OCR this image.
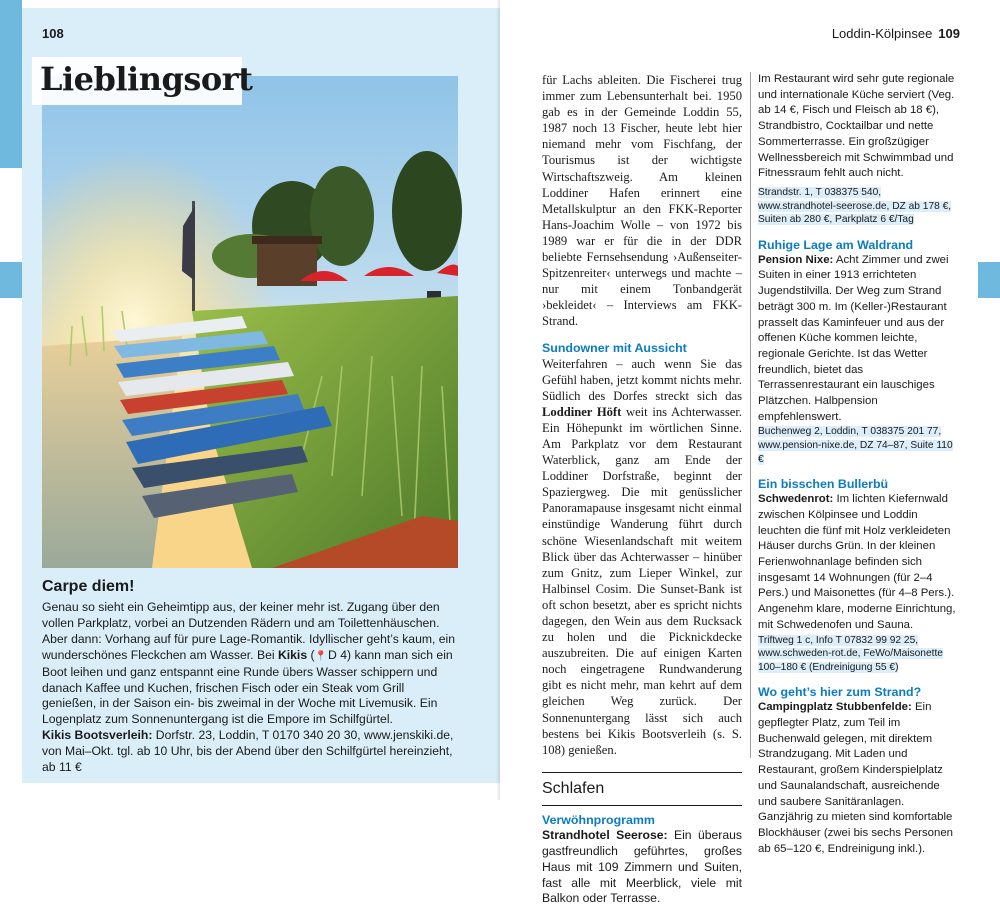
108
Lieblingsort
Carpe diem!

Genau so sieht ein Geheimtipp aus, der keiner mehr ist. Zugang über den vollen Parkplatz, vorbei an Dutzenden Rädern und am Toilettenhäuschen. Aber dann: Vorhang auf für pure Lage-Romantik. Idyllischer geht’s kaum, ein wunderschönes Fleckchen am Wasser. Bei Kikis (📍 D 4) kann man sich ein Boot leihen und ganz entspannt eine Runde übers Wasser schippern und danach Kaffee und Kuchen, frischen Fisch oder ein Steak vom Grill genießen, in der Saison ein- bis zweimal in der Woche mit Livemusik. Ein Logenplatz zum Sonnenuntergang ist die Empore im Schilfgürtel.

Kikis Bootsverleih: Dorfstr. 23, Loddin, T 0170 340 20 30, www.jenskiki.de, von Mai–Okt. tgl. ab 10 Uhr, bis der Abend über den Schilfgürtel hereinzieht, ab 11 €

Loddin-Kölpinsee 109

für Lachs ableiten. Die Fischerei trug immer zum Lebensunterhalt bei. 1950 gab es in der Gemeinde Loddin 55, 1987 noch 13 Fischer, heute lebt hier niemand mehr vom Fischfang, der Tourismus ist der wichtigste Wirtschaftszweig. Am kleinen Loddiner Hafen erinnert eine Metallskulptur an den FKK-Reporter Hans-Joachim Wolle – von 1972 bis 1989 war er für die in der DDR beliebte Fernsehsendung ›Außenseiter-Spitzenreiter‹ unterwegs und machte – nur mit einem Tonbandgerät ›bekleidet‹ – Interviews am FKK-Strand.

Sundowner mit Aussicht

Weiterfahren – auch wenn Sie das Gefühl haben, jetzt kommt nichts mehr. Südlich des Dorfes streckt sich das Loddiner Höft weit ins Achterwasser. Ein Höhepunkt im wörtlichen Sinne. Am Parkplatz vor dem Restaurant Waterblick, ganz am Ende der Loddiner Dorfstraße, beginnt der Spaziergweg. Die mit genüsslicher Panoramapause insgesamt nicht einmal einstündige Wanderung führt durch schöne Wiesenlandschaft mit weitem Blick über das Achterwasser – hinüber zum Gnitz, zum Lieper Winkel, zur Halbinsel Cosim. Die Sunset-Bank ist oft schon besetzt, aber es spricht nichts dagegen, den Wein aus dem Rucksack zu holen und die Picknickdecke auszubreiten. Die auf einigen Karten noch eingetragene Rundwanderung gibt es nicht mehr, man kehrt auf dem gleichen Weg zurück. Der Sonnenuntergang lässt sich auch bestens bei Kikis Bootsverleih (s. S. 108) genießen.

Schlafen
Verwöhnprogramm

Strandhotel Seerose: Ein überaus gastfreundlich geführtes, großes Haus mit 109 Zimmern und Suiten, fast alle mit Meerblick, viele mit Balkon oder Terrasse.

Im Restaurant wird sehr gute regionale und internationale Küche serviert (Veg. ab 14 €, Fisch und Fleisch ab 18 €), Strandbistro, Cocktailbar und nette Sommerterrasse. Ein großzügiger Wellnessbereich mit Schwimmbad und Fitnessraum fehlt auch nicht.

Strandstr. 1, T 038375 540, www.strandhotel-seerose.de, DZ ab 178 €, Suiten ab 280 €, Parkplatz 6 €/Tag

Ruhige Lage am Waldrand

Pension Nixe: Acht Zimmer und zwei Suiten in einer 1913 errichteten Jugendstilvilla. Der Weg zum Strand beträgt 300 m. Im (Keller-)Restaurant prasselt das Kaminfeuer und aus der offenen Küche kommen leichte, regionale Gerichte. Ist das Wetter freundlich, bietet das Terrassenrestaurant ein lauschiges Plätzchen. Halbpension empfehlenswert.

Buchenweg 2, Loddin, T 038375 201 77, www.pension-nixe.de, DZ 74–87, Suite 110 €

Ein bisschen Bullerbü

Schwedenrot: Im lichten Kiefernwald zwischen Kölpinsee und Loddin leuchten die fünf mit Holz verkleideten Häuser durchs Grün. In der kleinen Ferienwohnanlage befinden sich insgesamt 14 Wohnungen (für 2–4 Pers.) und Maisonettes (für 4–8 Pers.). Angenehm klare, moderne Einrichtung, mit Schwedenofen und Sauna.

Triftweg 1 c, Info T 07832 99 92 25, www.schweden-rot.de, FeWo/Maisonette 100–180 € (Endreinigung 55 €)

Wo geht’s hier zum Strand?

Campingplatz Stubbenfelde: Ein gepflegter Platz, zum Teil im Buchenwald gelegen, mit direktem Strandzugang. Mit Laden und Restaurant, großem Kinderspielplatz und Saunalandschaft, ausreichende und saubere Sanitäranlagen. Ganzjährig zu mieten sind komfortable Blockhäuser (zwei bis sechs Personen ab 65–120 €, Endreinigung inkl.).
